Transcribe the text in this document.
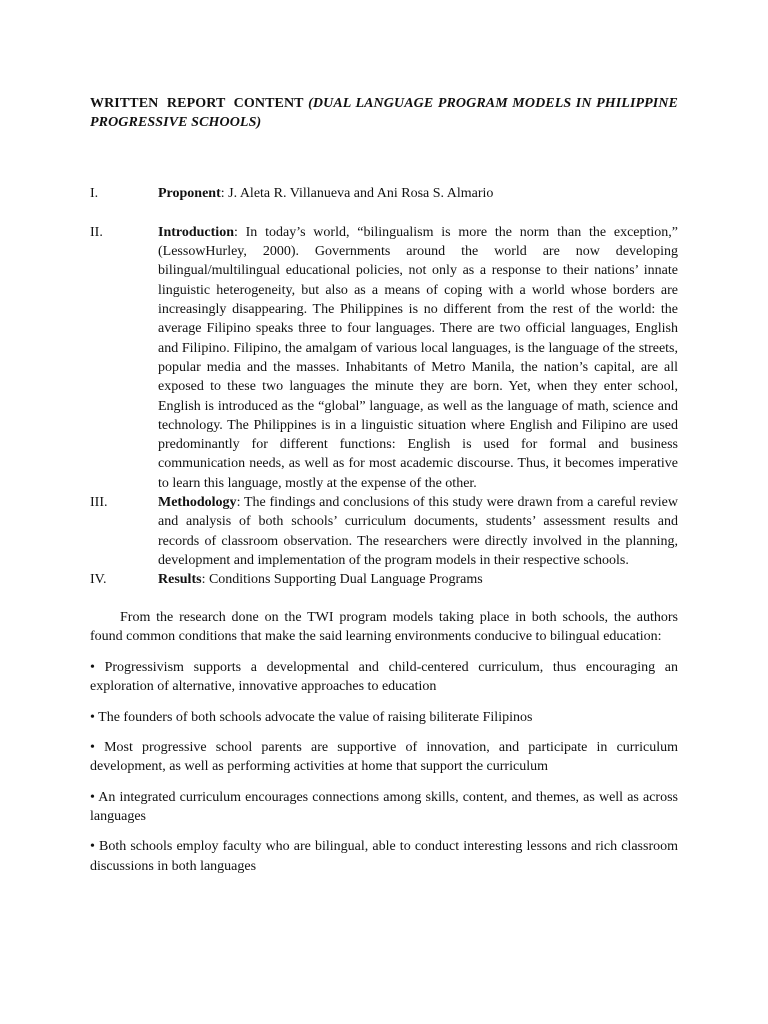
WRITTEN REPORT CONTENT (DUAL LANGUAGE PROGRAM MODELS IN PHILIPPINE PROGRESSIVE SCHOOLS)

I.	Proponent: J. Aleta R. Villanueva and Ani Rosa S. Almario
II.	Introduction: In today’s world, “bilingualism is more the norm than the exception,” (LessowHurley, 2000). Governments around the world are now developing bilingual/multilingual educational policies, not only as a response to their nations’ innate linguistic heterogeneity, but also as a means of coping with a world whose borders are increasingly disappearing. The Philippines is no different from the rest of the world: the average Filipino speaks three to four languages. There are two official languages, English and Filipino. Filipino, the amalgam of various local languages, is the language of the streets, popular media and the masses. Inhabitants of Metro Manila, the nation’s capital, are all exposed to these two languages the minute they are born. Yet, when they enter school, English is introduced as the “global” language, as well as the language of math, science and technology. The Philippines is in a linguistic situation where English and Filipino are used predominantly for different functions: English is used for formal and business communication needs, as well as for most academic discourse. Thus, it becomes imperative to learn this language, mostly at the expense of the other.
III.	Methodology: The findings and conclusions of this study were drawn from a careful review and analysis of both schools’ curriculum documents, students’ assessment results and records of classroom observation. The researchers were directly involved in the planning, development and implementation of the program models in their respective schools.
IV.	Results: Conditions Supporting Dual Language Programs

From the research done on the TWI program models taking place in both schools, the authors found common conditions that make the said learning environments conducive to bilingual education:

• Progressivism supports a developmental and child-centered curriculum, thus encouraging an exploration of alternative, innovative approaches to education
• The founders of both schools advocate the value of raising biliterate Filipinos
• Most progressive school parents are supportive of innovation, and participate in curriculum development, as well as performing activities at home that support the curriculum
• An integrated curriculum encourages connections among skills, content, and themes, as well as across languages
• Both schools employ faculty who are bilingual, able to conduct interesting lessons and rich classroom discussions in both languages
